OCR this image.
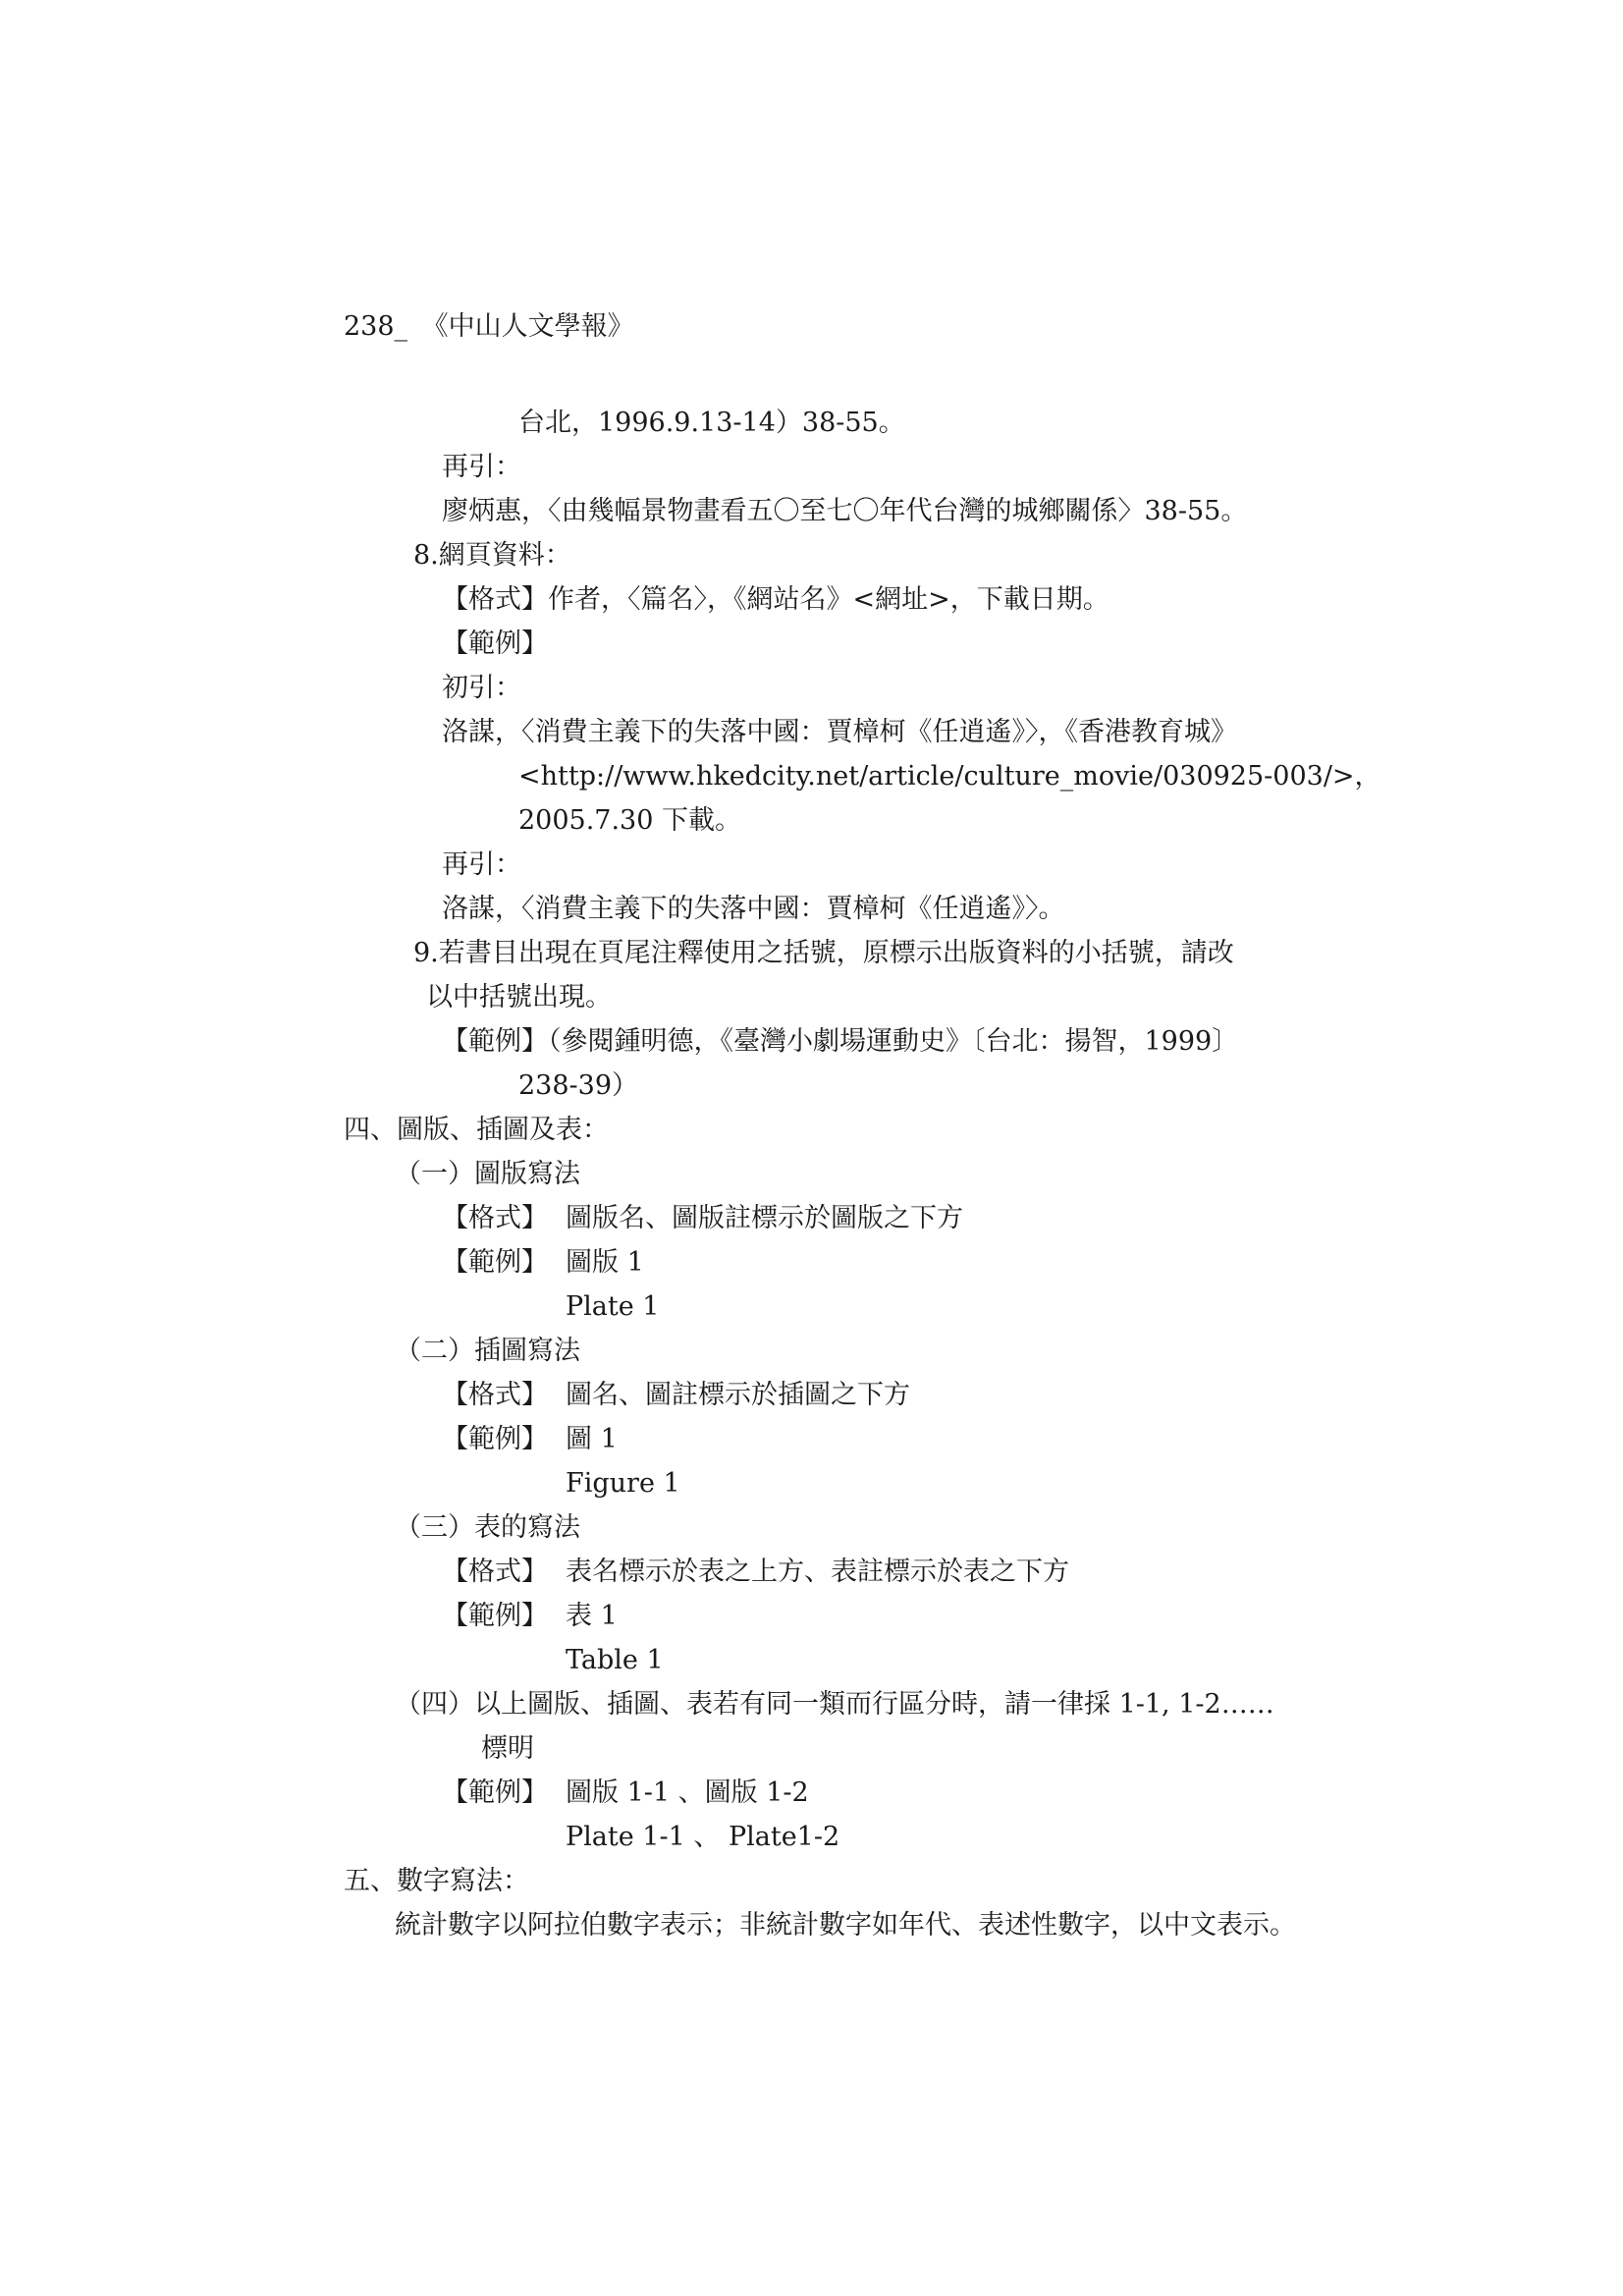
238_ 《中山人文學報》
台北，1996.9.13-14）38-55。
再引：
廖炳惠，〈由幾幅景物畫看五〇至七〇年代台灣的城鄉關係〉38-55。
8.網頁資料：
【格式】作者，〈篇名〉，《網站名》<網址>，下載日期。
【範例】
初引：
洛謀，〈消費主義下的失落中國：賈樟柯《任逍遙》〉，《香港教育城》
<http://www.hkedcity.net/article/culture_movie/030925-003/>，
2005.7.30 下載。
再引：
洛謀，〈消費主義下的失落中國：賈樟柯《任逍遙》〉。
9.若書目出現在頁尾注釋使用之括號，原標示出版資料的小括號，請改
以中括號出現。
【範例】（參閱鍾明德，《臺灣小劇場運動史》〔台北：揚智，1999〕
238-39）
四、圖版、插圖及表：
（一）圖版寫法
【格式】 圖版名、圖版註標示於圖版之下方
【範例】 圖版 1
Plate 1
（二）插圖寫法
【格式】 圖名、圖註標示於插圖之下方
【範例】 圖 1
Figure 1
（三）表的寫法
【格式】 表名標示於表之上方、表註標示於表之下方
【範例】 表 1
Table 1
（四）以上圖版、插圖、表若有同一類而行區分時，請一律採 1-1, 1-2……
標明
【範例】 圖版 1-1 、圖版 1-2
Plate 1-1 、 Plate1-2
五、數字寫法：
統計數字以阿拉伯數字表示；非統計數字如年代、表述性數字，以中文表示。
